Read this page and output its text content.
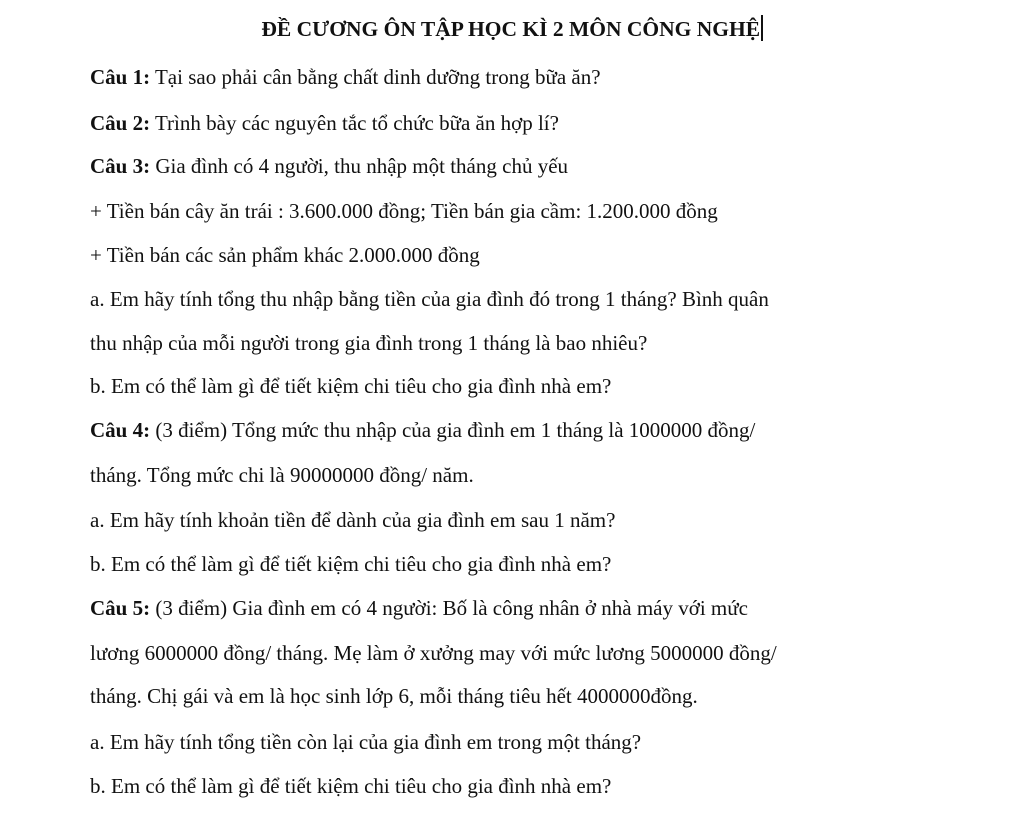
ĐỀ CƯƠNG ÔN TẬP HỌC KÌ 2 MÔN CÔNG NGHỆ
Câu 1: Tại sao phải cân bằng chất dinh dưỡng trong bữa ăn?
Câu 2: Trình bày các nguyên tắc tổ chức bữa ăn hợp lí?
Câu 3: Gia đình có 4 người, thu nhập một tháng chủ yếu
+ Tiền bán cây ăn trái : 3.600.000 đồng; Tiền bán gia cầm: 1.200.000 đồng
+ Tiền bán các sản phẩm khác 2.000.000 đồng
a. Em hãy tính tổng thu nhập bằng tiền của gia đình đó trong 1 tháng? Bình quân
thu nhập của mỗi người trong gia đình trong 1 tháng là bao nhiêu?
b. Em có thể làm gì để tiết kiệm chi tiêu cho gia đình nhà em?
Câu 4: (3 điểm) Tổng mức thu nhập của gia đình em 1 tháng là 1000000 đồng/
tháng. Tổng mức chi là 90000000 đồng/ năm.
a. Em hãy tính khoản tiền để dành của gia đình em sau 1 năm?
b. Em có thể làm gì để tiết kiệm chi tiêu cho gia đình nhà em?
Câu 5: (3 điểm) Gia đình em có 4 người: Bố là công nhân ở nhà máy với mức
lương 6000000 đồng/ tháng. Mẹ làm ở xưởng may với mức lương 5000000 đồng/
tháng. Chị gái và em là học sinh lớp 6, mỗi tháng tiêu hết 4000000đồng.
a. Em hãy tính tổng tiền còn lại của gia đình em trong một tháng?
b. Em có thể làm gì để tiết kiệm chi tiêu cho gia đình nhà em?
